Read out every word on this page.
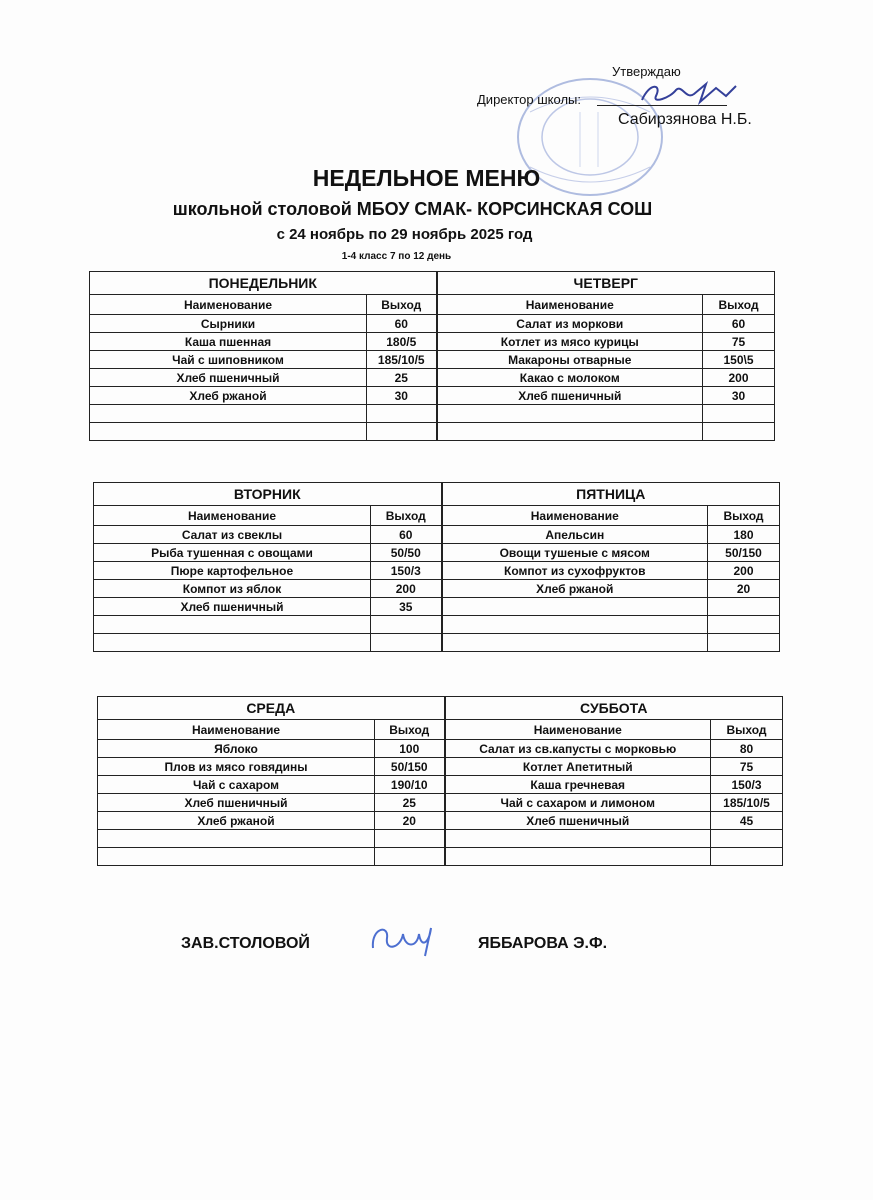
Утверждаю
Директор школы:
Сабирзянова Н.Б.
НЕДЕЛЬНОЕ МЕНЮ
школьной столовой МБОУ СМАК- КОРСИНСКАЯ СОШ
с 24 ноябрь по 29 ноябрь 2025 год
1-4 класс 7 по 12 день
ПОНЕДЕЛЬНИК		ЧЕТВЕРГ	
Наименование	Выход	Наименование	Выход
Сырники	60	Салат из моркови	60
Каша пшенная	180/5	Котлет из мясо курицы	75
Чай с шиповником	185/10/5	Макароны отварные	150\5
Хлеб пшеничный	25	Какао с молоком	200
Хлеб ржаной	30	Хлеб пшеничный	30

ВТОРНИК		ПЯТНИЦА	
Наименование	Выход	Наименование	Выход
Салат из свеклы	60	Апельсин	180
Рыба тушенная с овощами	50/50	Овощи тушеные с мясом	50/150
Пюре картофельное	150/3	Компот из сухофруктов	200
Компот из яблок	200	Хлеб ржаной	20
Хлеб пшеничный	35		

СРЕДА		СУББОТА	
Наименование	Выход	Наименование	Выход
Яблоко	100	Салат из св.капусты с морковью	80
Плов из мясо говядины	50/150	Котлет Апетитный	75
Чай с сахаром	190/10	Каша гречневая	150/3
Хлеб пшеничный	25	Чай с сахаром и лимоном	185/10/5
Хлеб ржаной	20	Хлеб пшеничный	45

ЗАВ.СТОЛОВОЙ	ЯББАРОВА Э.Ф.
